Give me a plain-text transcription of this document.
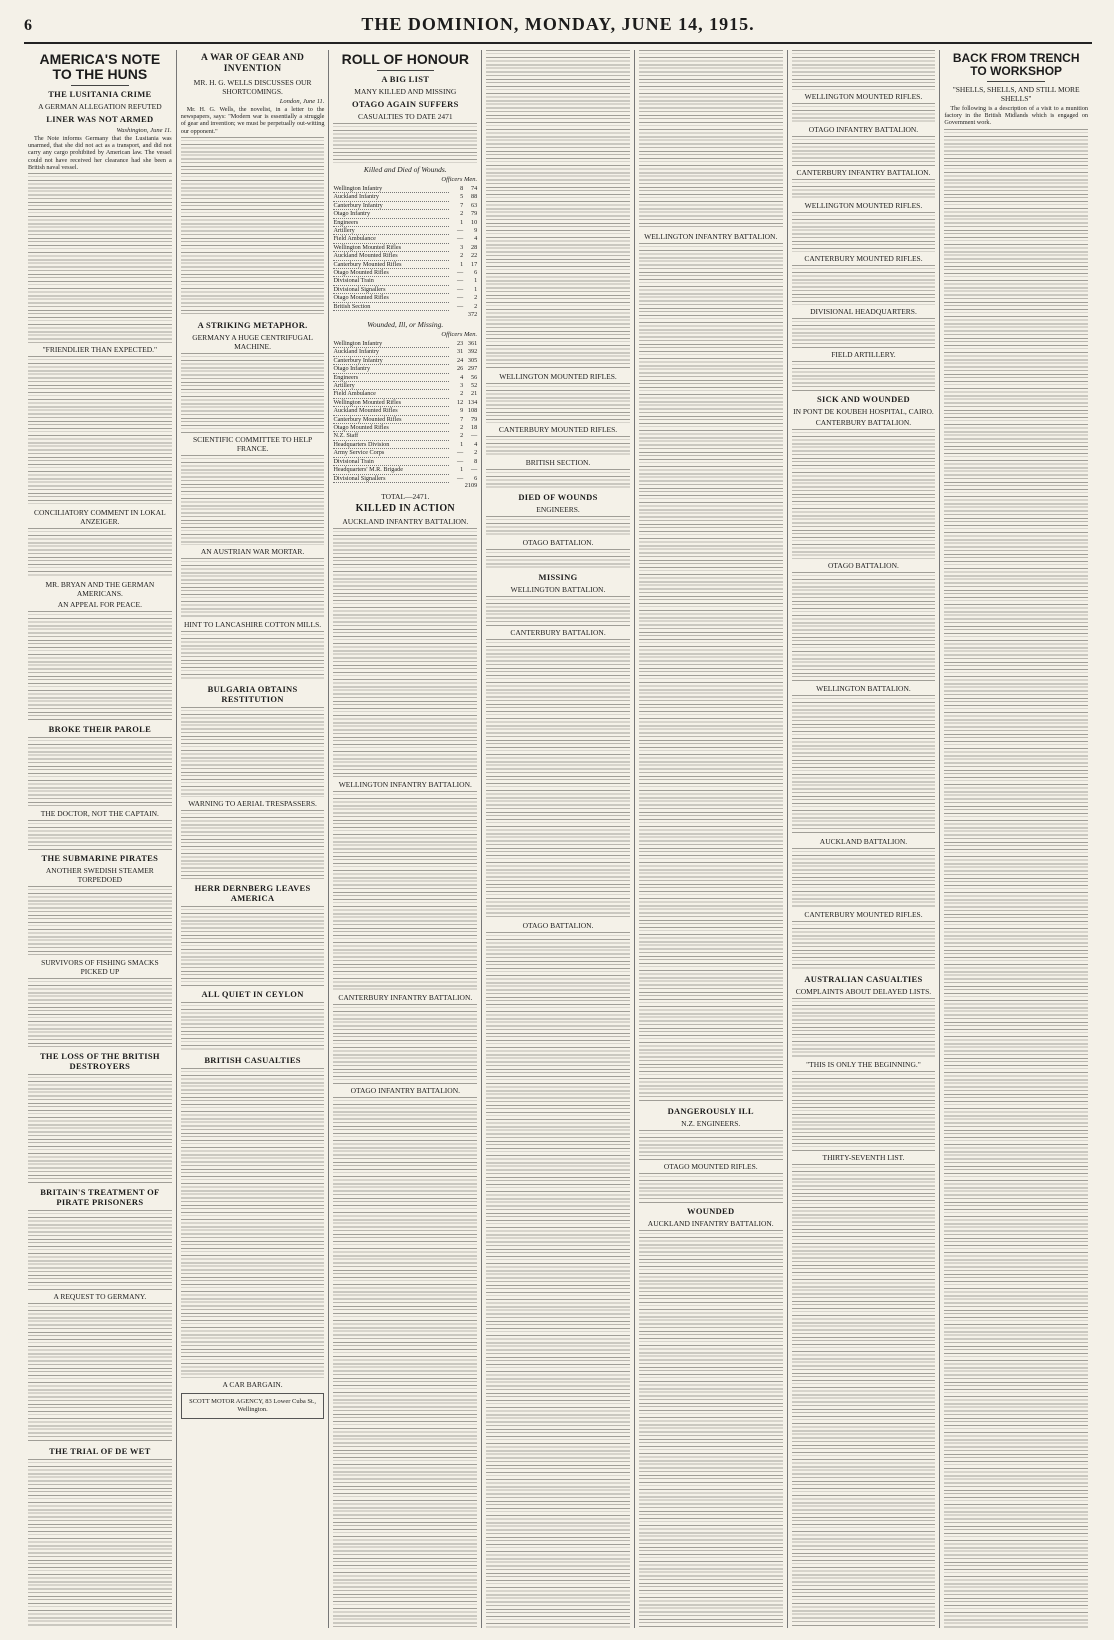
6	THE DOMINION, MONDAY, JUNE 14, 1915.
AMERICA'S NOTE TO THE HUNS
THE LUSITANIA CRIME
A GERMAN ALLEGATION REFUTED
LINER WAS NOT ARMED
Washington, June 11.

The Note informs Germany that the Lusitania was unarmed, that she did not act as a transport, and did not carry any cargo prohibited by American law. The vessel could not have received her clearance had she been a British naval vessel.

"FRIENDLIER THAN EXPECTED."
CONCILIATORY COMMENT IN LOKAL ANZEIGER.
MR. BRYAN AND THE GERMAN AMERICANS.
AN APPEAL FOR PEACE.
BROKE THEIR PAROLE
THE DOCTOR, NOT THE CAPTAIN.
THE SUBMARINE PIRATES
ANOTHER SWEDISH STEAMER TORPEDOED
SURVIVORS OF FISHING SMACKS PICKED UP
THE LOSS OF THE BRITISH DESTROYERS
BRITAIN'S TREATMENT OF PIRATE PRISONERS
A REQUEST TO GERMANY.
THE TRIAL OF DE WET
A WAR OF GEAR AND INVENTION
MR. H. G. WELLS DISCUSSES OUR SHORTCOMINGS.
London, June 11.

Mr. H. G. Wells, the novelist, in a letter to the newspapers, says: "Modern war is essentially a struggle of gear and invention; we must be perpetually out-witting our opponent."

A STRIKING METAPHOR.
GERMANY A HUGE CENTRIFUGAL MACHINE.
SCIENTIFIC COMMITTEE TO HELP FRANCE.
AN AUSTRIAN WAR MORTAR.
HINT TO LANCASHIRE COTTON MILLS.
BULGARIA OBTAINS RESTITUTION
WARNING TO AERIAL TRESPASSERS.
HERR DERNBERG LEAVES AMERICA
ALL QUIET IN CEYLON
BRITISH CASUALTIES
A CAR BARGAIN.
SCOTT MOTOR AGENCY, 83 Lower Cuba St., Wellington.
ROLL OF HONOUR
A BIG LIST
MANY KILLED AND MISSING
OTAGO AGAIN SUFFERS
CASUALTIES TO DATE 2471
Killed and Died of Wounds.
Officers Men.
Wellington Infantry	8	74
Auckland Infantry	5	88
Canterbury Infantry	7	63
Otago Infantry	2	79
Engineers	1	10
Artillery	—	9
Field Ambulance	—	4
Wellington Mounted Rifles	3	28
Auckland Mounted Rifles	2	22
Canterbury Mounted Rifles	1	17
Otago Mounted Rifles	—	6
Divisional Train	—	1
Divisional Signallers	—	1
Otago Mounted Rifles	—	2
British Section	—	2
		372
Wounded, Ill, or Missing.
Officers Men.
Wellington Infantry	23	361
Auckland Infantry	31	392
Canterbury Infantry	24	305
Otago Infantry	26	297
Engineers	4	56
Artillery	3	52
Field Ambulance	2	21
Wellington Mounted Rifles	12	134
Auckland Mounted Rifles	9	108
Canterbury Mounted Rifles	7	79
Otago Mounted Rifles	2	18
N.Z. Staff	2	—
Headquarters Division	1	4
Army Service Corps	—	2
Divisional Train	—	8
Headquarters' M.R. Brigade	1	—
Divisional Signallers	—	6
		2109
TOTAL—2471.
KILLED IN ACTION
AUCKLAND INFANTRY BATTALION.
WELLINGTON INFANTRY BATTALION.
CANTERBURY INFANTRY BATTALION.
OTAGO INFANTRY BATTALION.
WELLINGTON MOUNTED RIFLES.
CANTERBURY MOUNTED RIFLES.
BRITISH SECTION.
DIED OF WOUNDS
ENGINEERS.
OTAGO BATTALION.
MISSING
WELLINGTON BATTALION.
CANTERBURY BATTALION.
OTAGO BATTALION.
WELLINGTON INFANTRY BATTALION.
DANGEROUSLY ILL
N.Z. ENGINEERS.
OTAGO MOUNTED RIFLES.
WOUNDED
AUCKLAND INFANTRY BATTALION.
WELLINGTON MOUNTED RIFLES.
OTAGO INFANTRY BATTALION.
CANTERBURY INFANTRY BATTALION.
WELLINGTON MOUNTED RIFLES.
CANTERBURY MOUNTED RIFLES.
DIVISIONAL HEADQUARTERS.
FIELD ARTILLERY.
SICK AND WOUNDED
IN PONT DE KOUBEH HOSPITAL, CAIRO.
CANTERBURY BATTALION.
OTAGO BATTALION.
WELLINGTON BATTALION.
AUCKLAND BATTALION.
CANTERBURY MOUNTED RIFLES.
AUSTRALIAN CASUALTIES
COMPLAINTS ABOUT DELAYED LISTS.
"THIS IS ONLY THE BEGINNING."
THIRTY-SEVENTH LIST.
BACK FROM TRENCH TO WORKSHOP
"SHELLS, SHELLS, AND STILL MORE SHELLS"

The following is a description of a visit to a munition factory in the British Midlands which is engaged on Government work.
